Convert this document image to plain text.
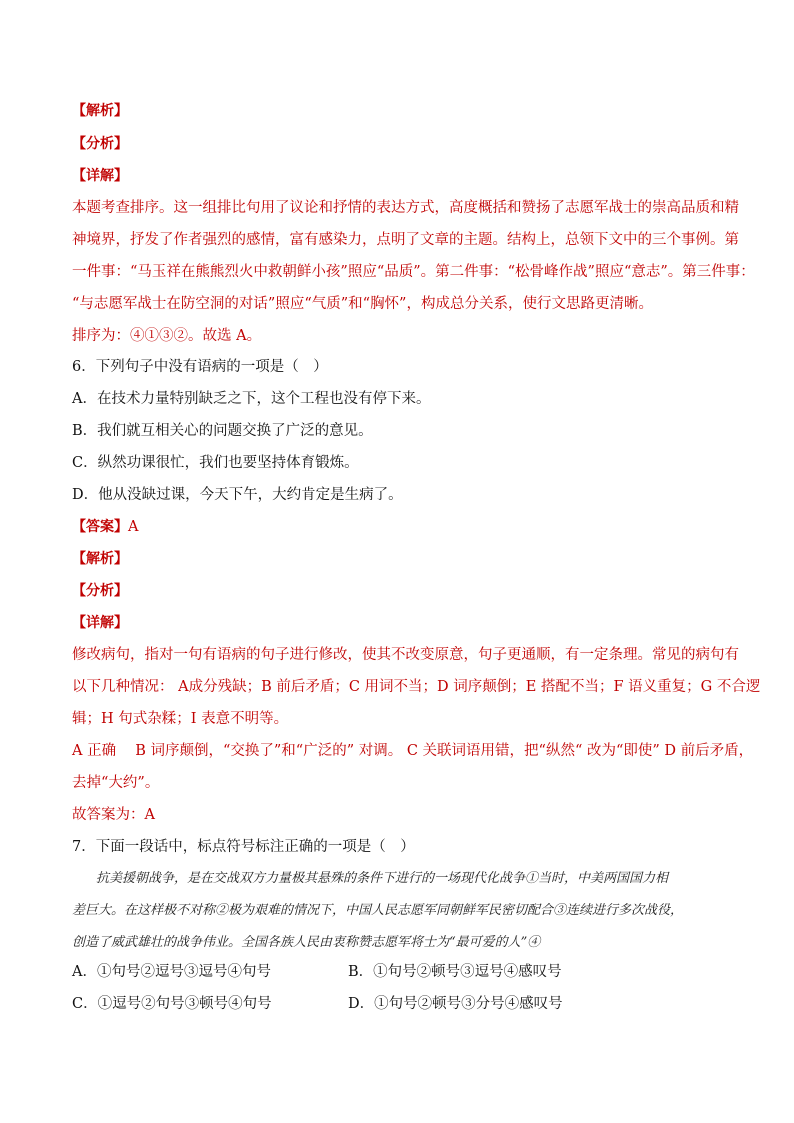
【解析】
【分析】
【详解】
本题考查排序。这一组排比句用了议论和抒情的表达方式，高度概括和赞扬了志愿军战士的崇高品质和精
神境界，抒发了作者强烈的感情，富有感染力，点明了文章的主题。结构上，总领下文中的三个事例。第
一件事：“马玉祥在熊熊烈火中救朝鲜小孩”照应“品质”。第二件事：“松骨峰作战”照应“意志”。第三件事：
“与志愿军战士在防空洞的对话”照应“气质”和“胸怀”，构成总分关系，使行文思路更清晰。
排序为：④①③②。故选 A。
6．下列句子中没有语病的一项是（　）
A．在技术力量特别缺乏之下，这个工程也没有停下来。
B．我们就互相关心的问题交换了广泛的意见。
C．纵然功课很忙，我们也要坚持体育锻炼。
D．他从没缺过课，今天下午，大约肯定是生病了。
【答案】A
【解析】
【分析】
【详解】
修改病句，指对一句有语病的句子进行修改，使其不改变原意，句子更通顺，有一定条理。常见的病句有
以下几种情况： A成分残缺；B 前后矛盾；C 用词不当；D 词序颠倒；E 搭配不当；F 语义重复；G 不合逻
辑；H 句式杂糅；I 表意不明等。
A 正确　 B 词序颠倒，“交换了”和“广泛的” 对调。 C 关联词语用错，把“纵然“ 改为“即使” D 前后矛盾，
去掉“大约”。
故答案为：A
7．下面一段话中，标点符号标注正确的一项是（　）
抗美援朝战争，是在交战双方力量极其悬殊的条件下进行的一场现代化战争①当时，中美两国国力相
差巨大。在这样极不对称②极为艰难的情况下，中国人民志愿军同朝鲜军民密切配合③连续进行多次战役，
创造了威武雄壮的战争伟业。全国各族人民由衷称赞志愿军将士为“最可爱的人”④
A．①句号②逗号③逗号④句号	B．①句号②顿号③逗号④感叹号
C．①逗号②句号③顿号④句号	D．①句号②顿号③分号④感叹号
